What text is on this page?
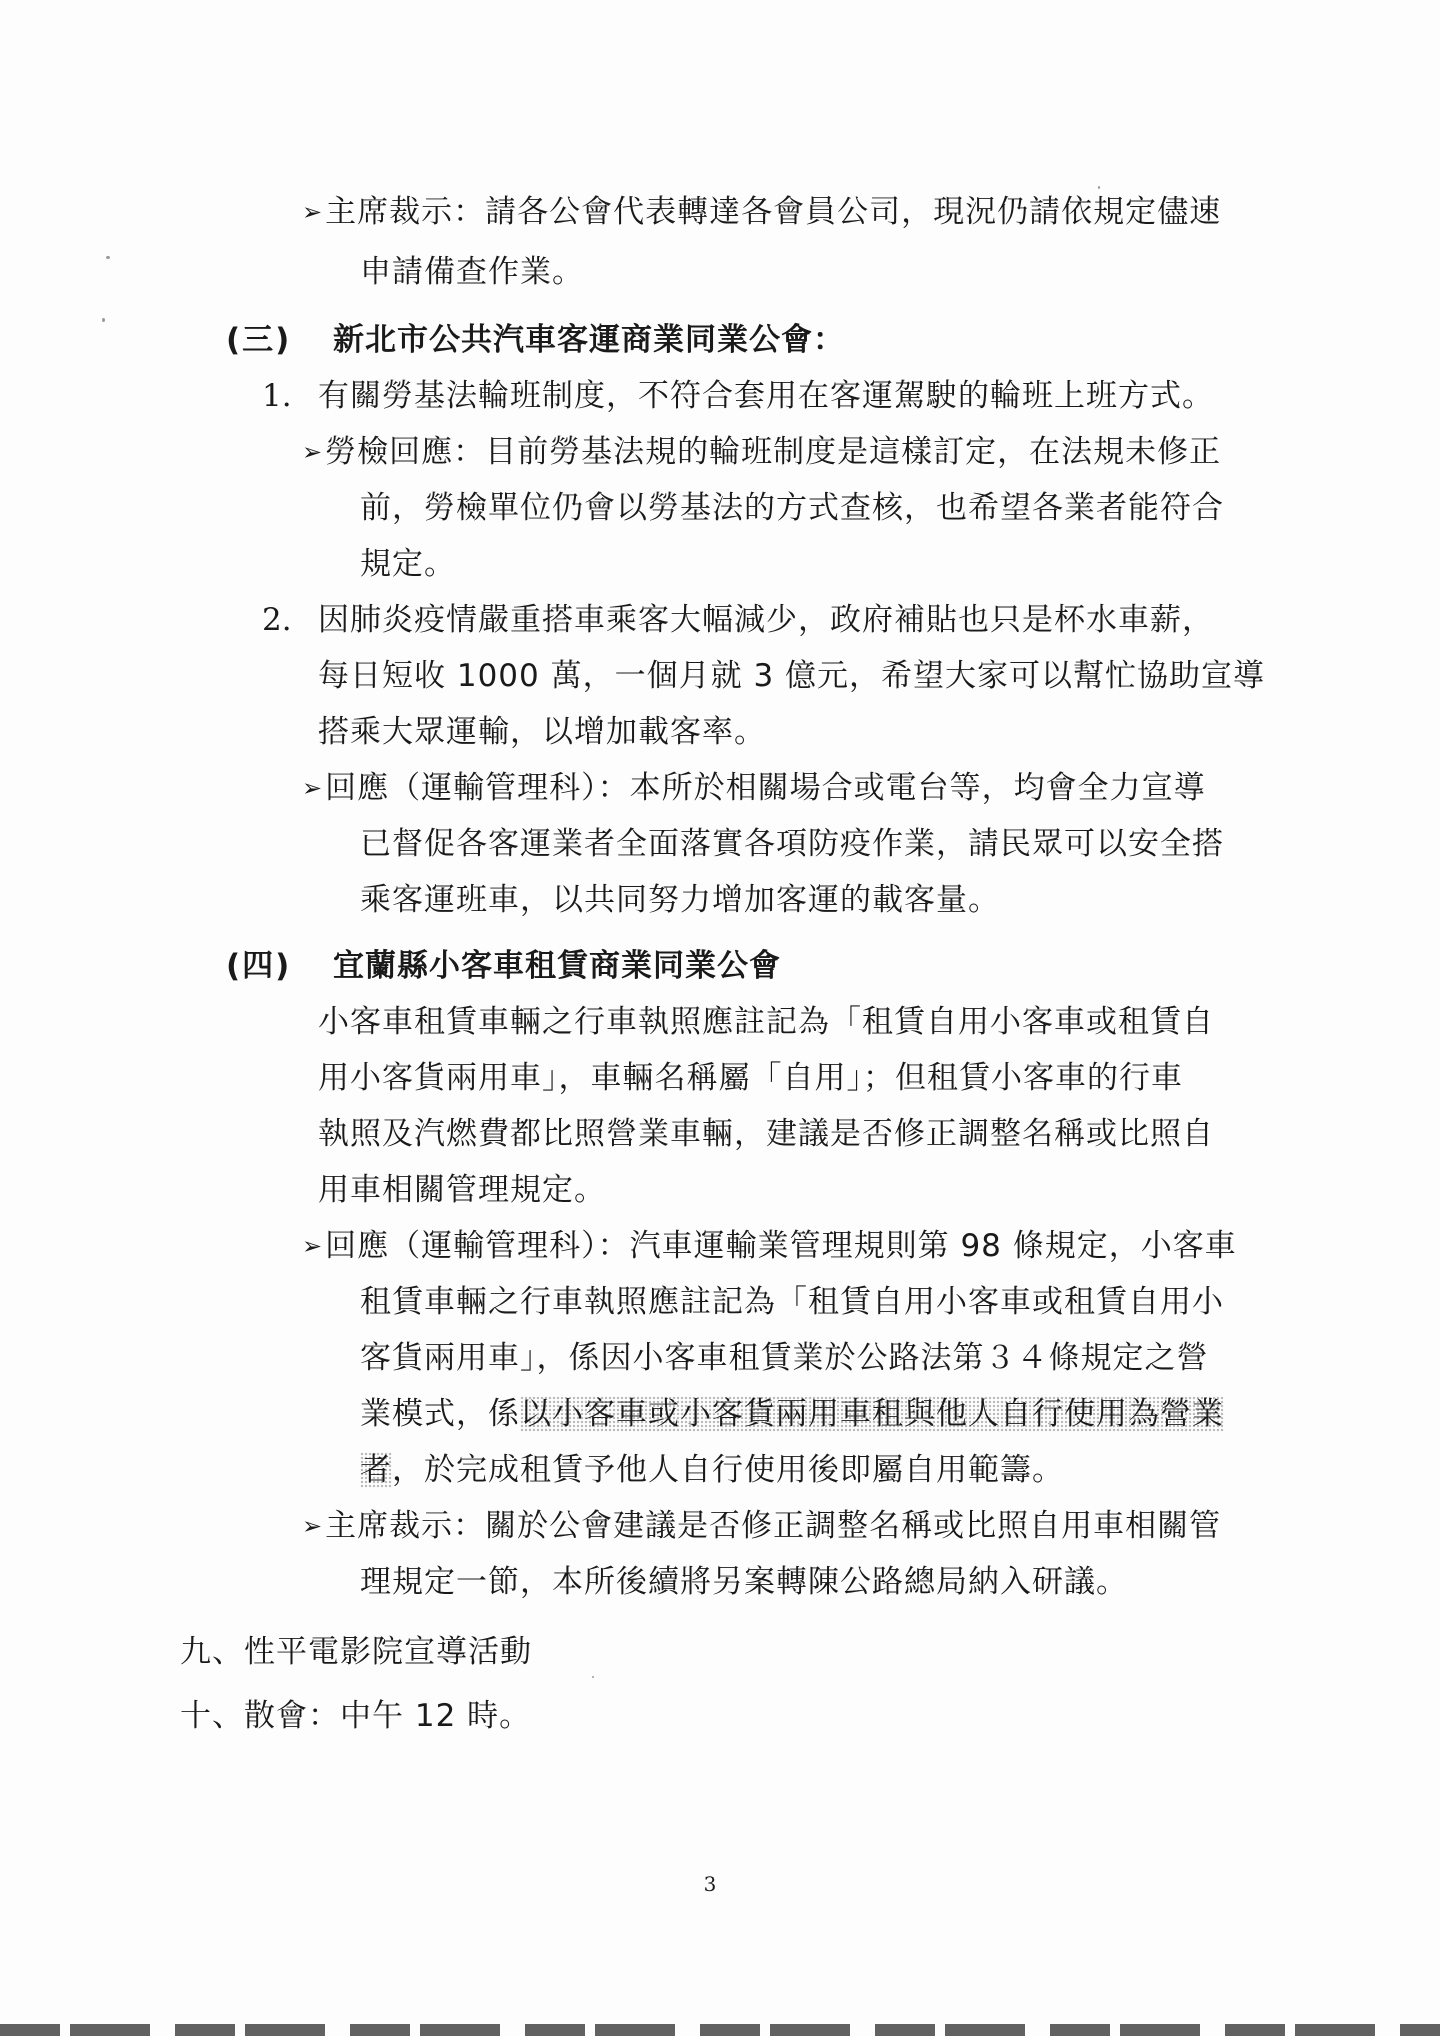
➢主席裁示：請各公會代表轉達各會員公司，現況仍請依規定儘速
申請備查作業。
(三) 新北市公共汽車客運商業同業公會：
1. 有關勞基法輪班制度，不符合套用在客運駕駛的輪班上班方式。
➢勞檢回應：目前勞基法規的輪班制度是這樣訂定，在法規未修正
前，勞檢單位仍會以勞基法的方式查核，也希望各業者能符合
規定。
2. 因肺炎疫情嚴重搭車乘客大幅減少，政府補貼也只是杯水車薪，
每日短收 1000 萬，一個月就 3 億元，希望大家可以幫忙協助宣導
搭乘大眾運輸，以增加載客率。
➢回應（運輸管理科）：本所於相關場合或電台等，均會全力宣導
已督促各客運業者全面落實各項防疫作業，請民眾可以安全搭
乘客運班車，以共同努力增加客運的載客量。
(四) 宜蘭縣小客車租賃商業同業公會
小客車租賃車輛之行車執照應註記為「租賃自用小客車或租賃自
用小客貨兩用車」，車輛名稱屬「自用」；但租賃小客車的行車
執照及汽燃費都比照營業車輛，建議是否修正調整名稱或比照自
用車相關管理規定。
➢回應（運輸管理科）：汽車運輸業管理規則第 98 條規定，小客車
租賃車輛之行車執照應註記為「租賃自用小客車或租賃自用小
客貨兩用車」，係因小客車租賃業於公路法第３４條規定之營
業模式，係以小客車或小客貨兩用車租與他人自行使用為營業
者，於完成租賃予他人自行使用後即屬自用範籌。
➢主席裁示：關於公會建議是否修正調整名稱或比照自用車相關管
理規定一節，本所後續將另案轉陳公路總局納入研議。
九、性平電影院宣導活動
十、散會：中午 12 時。
3
